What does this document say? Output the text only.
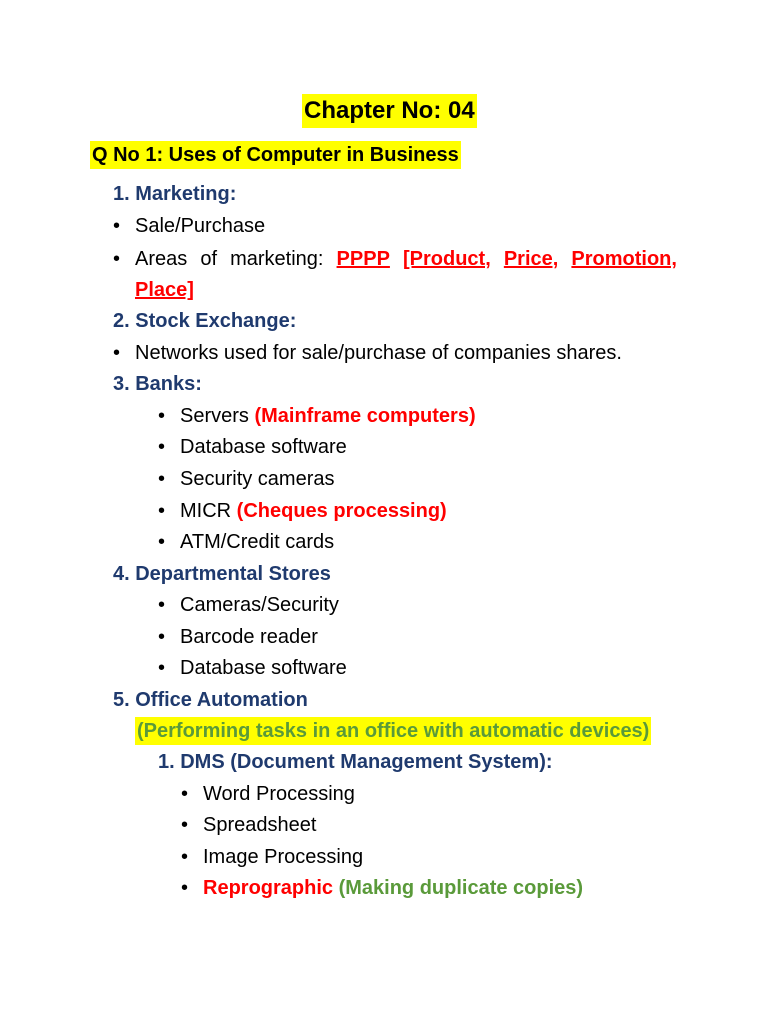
Chapter No: 04
Q No 1: Uses of Computer in Business
1. Marketing:
• Sale/Purchase
• Areas of marketing: PPPP [Product, Price, Promotion,
Place]
2. Stock Exchange:
• Networks used for sale/purchase of companies shares.
3. Banks:
• Servers (Mainframe computers)
• Database software
• Security cameras
• MICR (Cheques processing)
• ATM/Credit cards
4. Departmental Stores
• Cameras/Security
• Barcode reader
• Database software
5. Office Automation
(Performing tasks in an office with automatic devices)
1. DMS (Document Management System):
• Word Processing
• Spreadsheet
• Image Processing
• Reprographic (Making duplicate copies)
